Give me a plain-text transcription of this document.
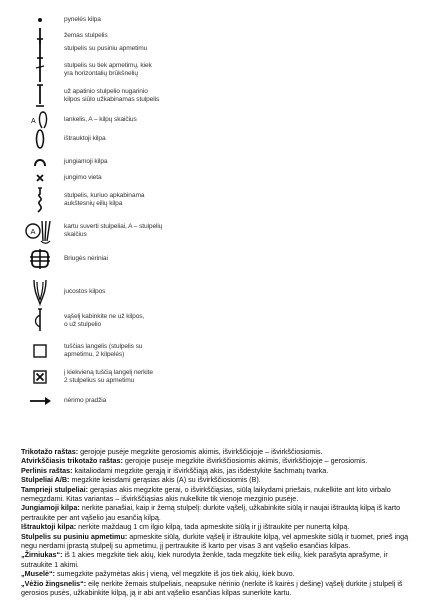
pynelės kilpa
žemas stulpelis
stulpelis su pusiniu apmetimu
stulpelis su tiek apmetimų, kiek
yra horizontalių brūkšnelių
už apatinio stulpelio nugarinio
kilpos siūlo užkabinamas stulpelis
A	lankelis, A – kilpų skaičius
ištrauktoji kilpa
jungiamoji kilpa
jungimo vieta
stulpelis, kuriuo apkabinama
aukštesnių eilių kilpa
A
kartu suverti stulpeliai, A – stulpelių
skaičius
Briugės nėriniai
jucostos kilpos
vąšelį kabinkite ne už kilpos,
o už stulpelio
tuščias langelis (stulpelis su
apmetimu, 2 kilpelės)
į kiekvieną tuščią langelį nerkite
2 stulpelius su apmetimu
nėrimo pradžia

Trikotažo raštas: gerojoje pusėje megzkite gerosiomis akimis, išvirkščiojoje – išvirkščiosiomis.

Atvirkščiasis trikotažo raštas: gerojoje pusėje megzkite išvirkščiosiomis akimis, išvirkščiojoje – gerosiomis.

Perlinis raštas: kaitaliodami megzkite gerąją ir išvirkščiąją akis, jas išdėstykite šachmatų tvarka.

Stulpeliai A/B: megzkite keisdami gerąsias akis (A) su išvirkščiosiomis (B).

Tamprieji stulpeliai: gerąsias akis megzkite gerai, o išvirkščiąsias, siūlą laikydami priešais, nukelkite ant kito virbalo nemegzdami. Kitas variantas – išvirkščiąsias akis nukelkite tik vienoje mezginio pusėje.

Jungiamoji kilpa: nerkite panašiai, kaip ir žemą stulpelį: durkite vąšelį, užkabinkite siūlą ir naujai ištrauktą kilpą iš karto pertraukite per ant vąšelio jau esančią kilpą.

Ištrauktoji kilpa: nerkite maždaug 1 cm ilgio kilpą, tada apmeskite siūlą ir jį ištraukite per nunertą kilpą.

Stulpelis su pusiniu apmetimu: apmeskite siūlą, durkite vąšelį ir ištraukite kilpą, vėl apmeskite siūlą ir tuomet, prieš ingą negu nerdami įprastą stulpelį su apmetimu, jį pertraukite iš karto per visas 3 ant vąšelio esančias kilpas.

„Žirniukas“: iš 1 akies megzkite tiek akių, kiek nurodyta ženkle, tada megzkite tiek eilių, kiek parašyta aprašyme, ir sutraukite 1 akimi.

„Muselė“: sumegzkite pažymėtas akis į vieną, vėl megzkite iš jos tiek akių, kiek buvo.

„Vėžio žingsnelis“: eilę nerkite žemais stulpeliais, neapsuke nėrinio (nerkite iš kairės į dešinę) vąšelį durkite į stulpelį iš gerosios pusės, užkabinkite kilpą, ją ir abi ant vąšelio esančias kilpas sunerkite kartu.
